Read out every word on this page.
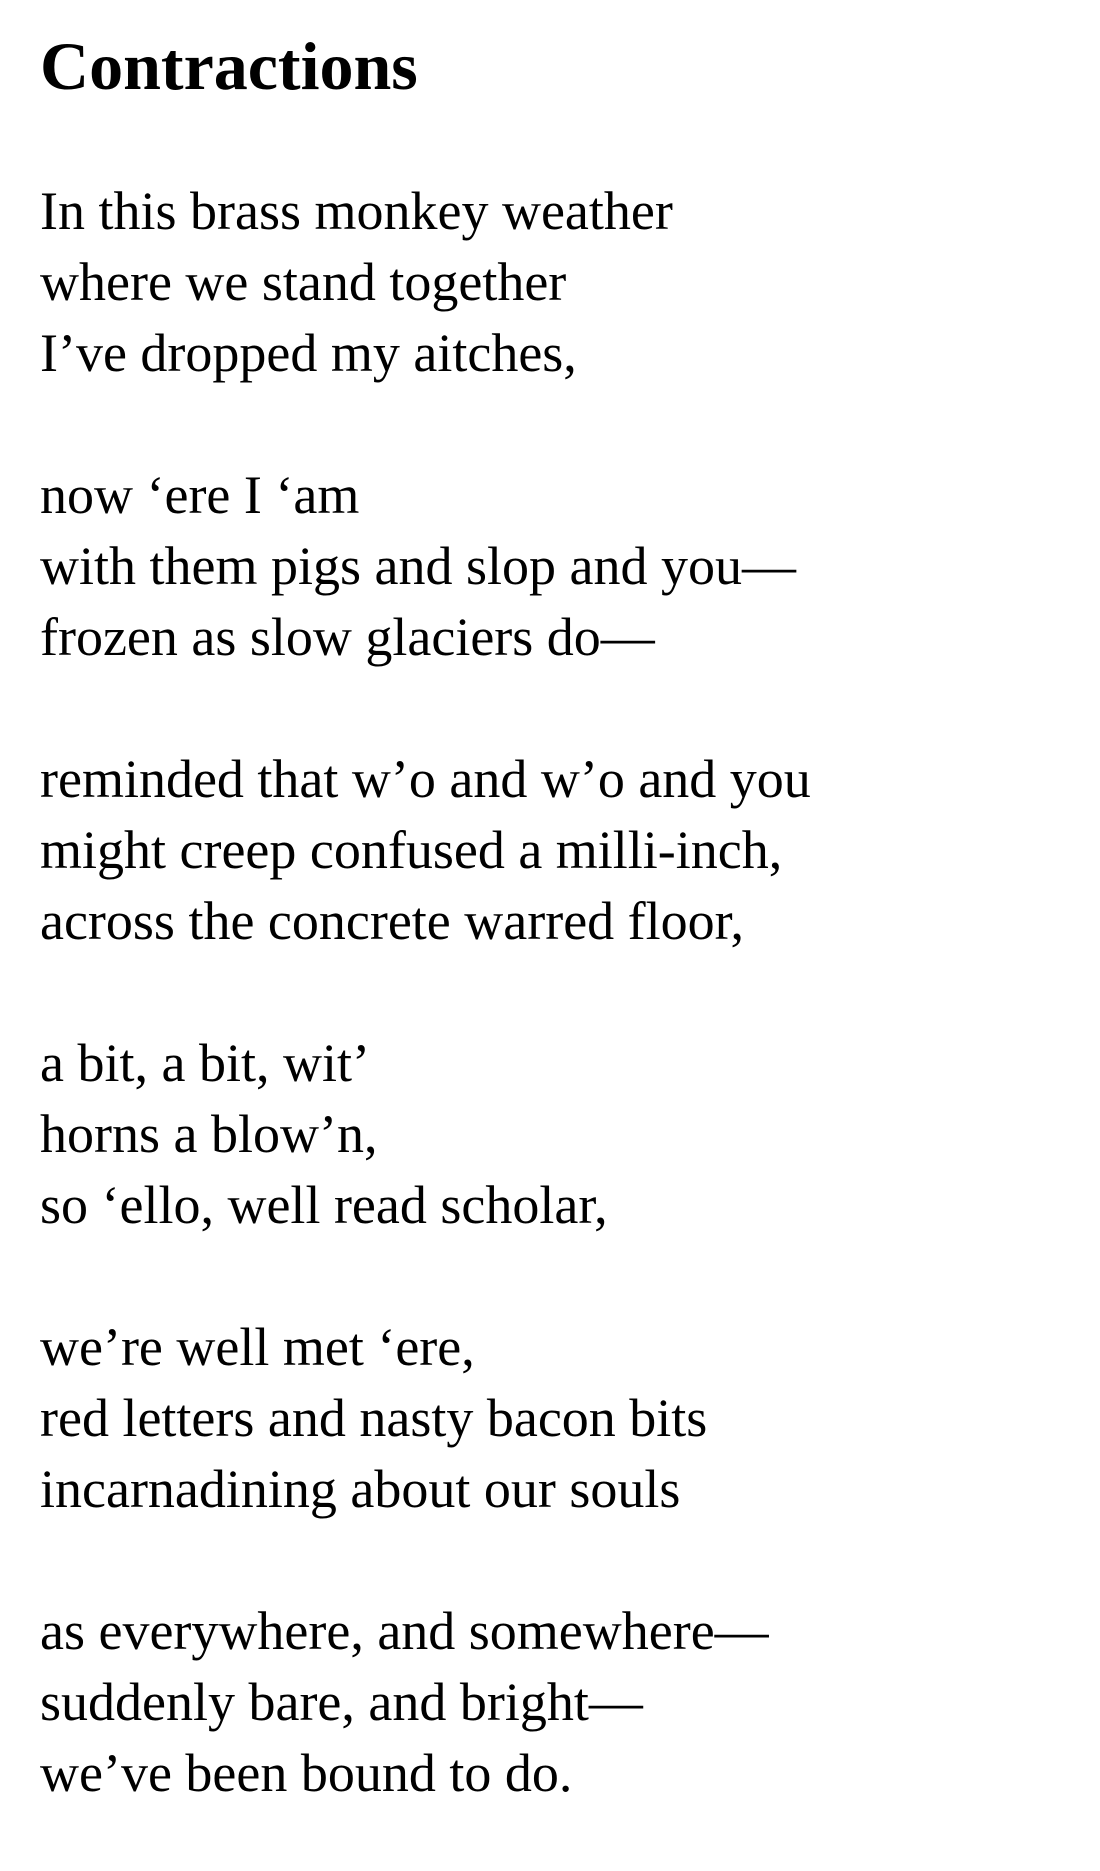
Contractions
In this brass monkey weather
where we stand together
I’ve dropped my aitches,
now ‘ere I ‘am
with them pigs and slop and you—
frozen as slow glaciers do—
reminded that w’o and w’o and you
might creep confused a milli-inch,
across the concrete warred floor,
a bit, a bit, wit’
horns a blow’n,
so ‘ello, well read scholar,
we’re well met ‘ere,
red letters and nasty bacon bits
incarnadining about our souls
as everywhere, and somewhere—
suddenly bare, and bright—
we’ve been bound to do.
